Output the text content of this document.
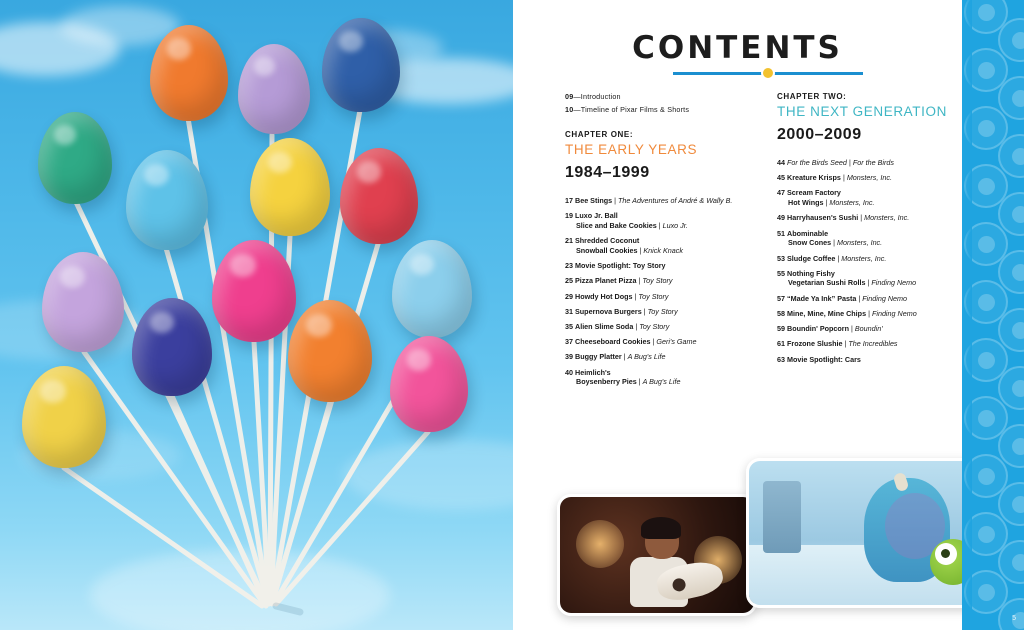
CONTENTS
09—Introduction
10—Timeline of Pixar Films & Shorts
CHAPTER ONE:
THE EARLY YEARS
1984–1999
17 Bee Stings | The Adventures of André & Wally B.
19 Luxo Jr. Ball
Slice and Bake Cookies | Luxo Jr.
21 Shredded Coconut
Snowball Cookies | Knick Knack
23 Movie Spotlight: Toy Story
25 Pizza Planet Pizza | Toy Story
29 Howdy Hot Dogs | Toy Story
31 Supernova Burgers | Toy Story
35 Alien Slime Soda | Toy Story
37 Cheeseboard Cookies | Geri's Game
39 Buggy Platter | A Bug's Life
40 Heimlich's
Boysenberry Pies | A Bug's Life
CHAPTER TWO:
THE NEXT GENERATION
2000–2009
44 For the Birds Seed | For the Birds
45 Kreature Krisps | Monsters, Inc.
47 Scream Factory
Hot Wings | Monsters, Inc.
49 Harryhausen's Sushi | Monsters, Inc.
51 Abominable
Snow Cones | Monsters, Inc.
53 Sludge Coffee | Monsters, Inc.
55 Nothing Fishy
Vegetarian Sushi Rolls | Finding Nemo
57 “Made Ya Ink” Pasta | Finding Nemo
58 Mine, Mine, Mine Chips | Finding Nemo
59 Boundin' Popcorn | Boundin'
61 Frozone Slushie | The Incredibles
63 Movie Spotlight: Cars
5
